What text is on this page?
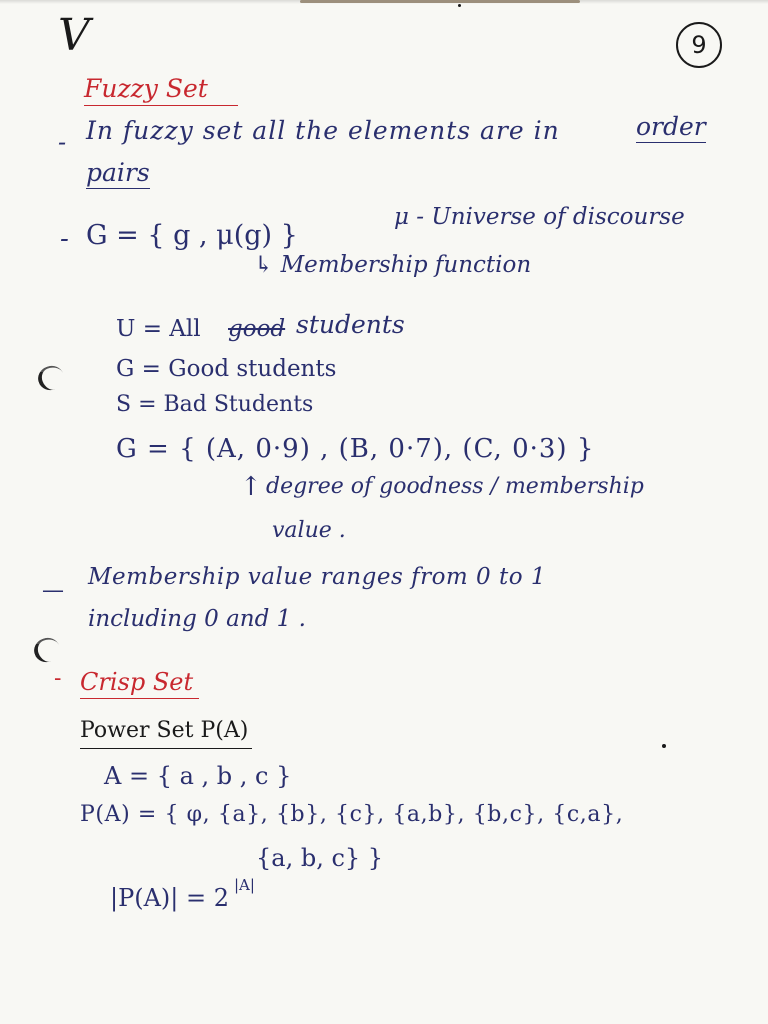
V	9
Fuzzy Set
- In fuzzy set all the elements are in	order
pairs
- G = { g , μ(g) }
μ - Universe of discourse
↳ Membership function
U = All good students
G = Good students
S = Bad Students
G = { (A, 0·9) , (B, 0·7), (C, 0·3) }
↑ degree of goodness / membership
value .
—
Membership value ranges from 0 to 1
including 0 and 1 .
- Crisp Set
Power Set P(A)
A = { a , b , c }
P(A) = { φ, {a}, {b}, {c}, {a,b}, {b,c}, {c,a},
{a, b, c} }
|P(A)| = 2 |A|
